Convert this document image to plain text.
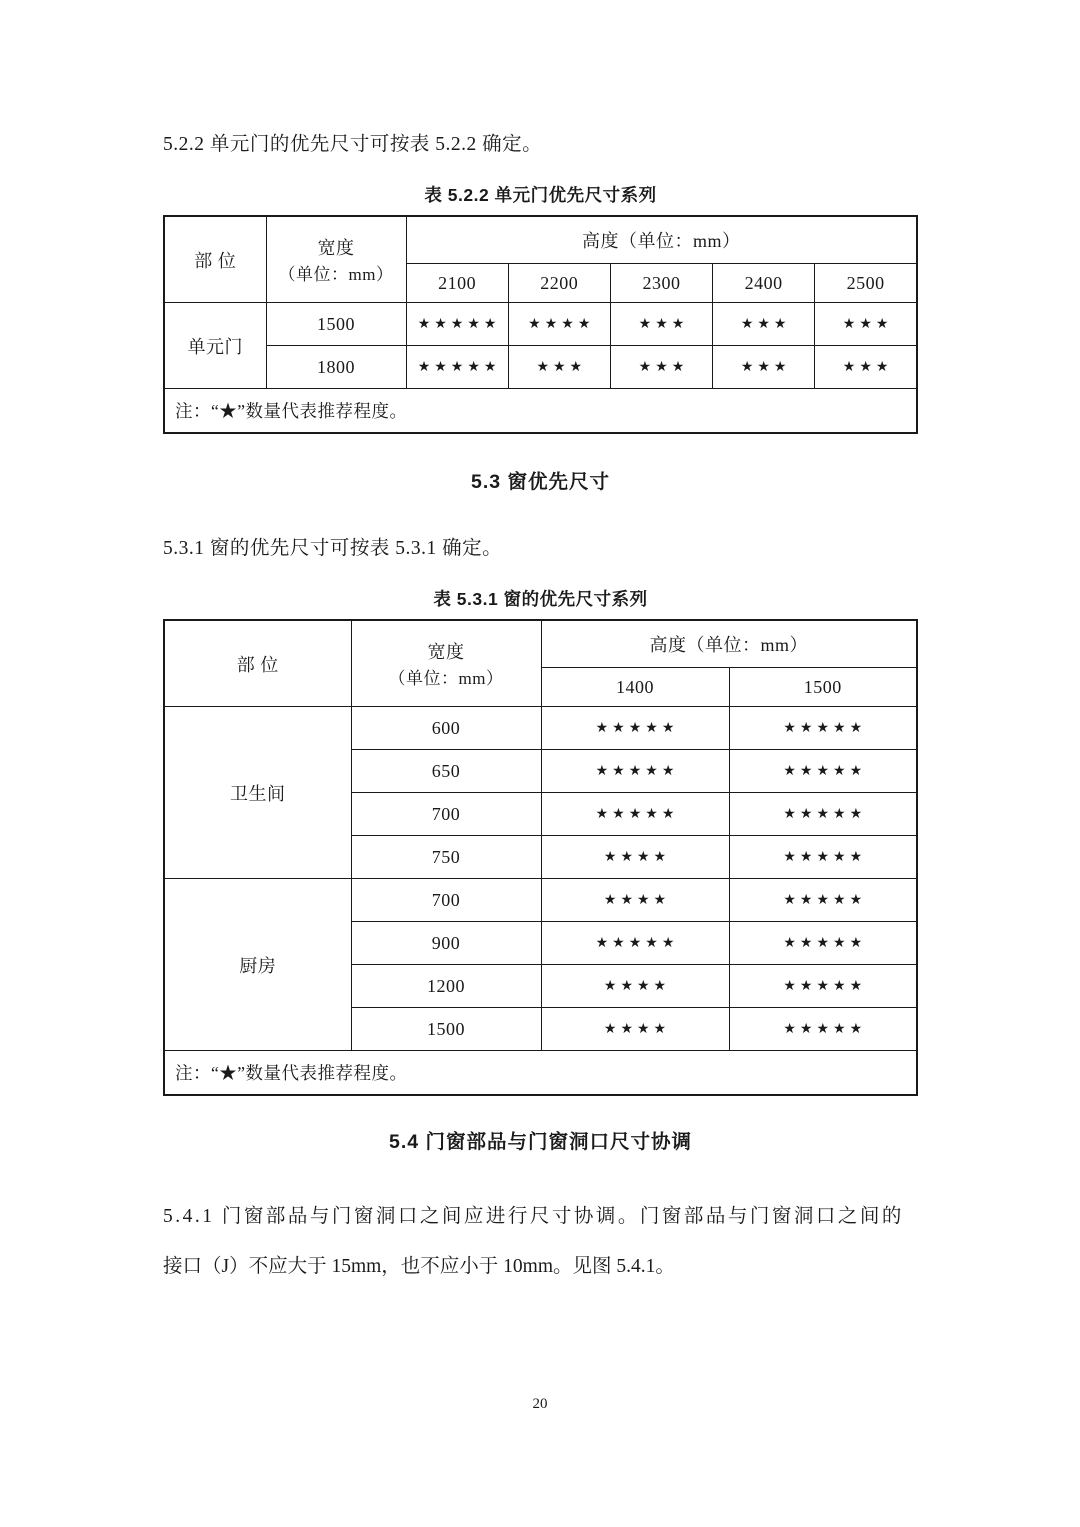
5.2.2 单元门的优先尺寸可按表 5.2.2 确定。
表 5.2.2 单元门优先尺寸系列
部 位	宽度
（单位：mm）	高度（单位：mm）				
		2100	2200	2300	2400	2500
单元门	1500	★★★★★	★★★★	★★★	★★★	★★★
	1800	★★★★★	★★★	★★★	★★★	★★★
注：“★”数量代表推荐程度。						
5.3 窗优先尺寸
5.3.1 窗的优先尺寸可按表 5.3.1 确定。
表 5.3.1 窗的优先尺寸系列
部 位	宽度
（单位：mm）	高度（单位：mm）	
		1400	1500
卫生间	600	★★★★★	★★★★★
	650	★★★★★	★★★★★
	700	★★★★★	★★★★★
	750	★★★★	★★★★★
厨房	700	★★★★	★★★★★
	900	★★★★★	★★★★★
	1200	★★★★	★★★★★
	1500	★★★★	★★★★★
注：“★”数量代表推荐程度。			
5.4 门窗部品与门窗洞口尺寸协调
5.4.1 门窗部品与门窗洞口之间应进行尺寸协调。门窗部品与门窗洞口之间的
接口（J）不应大于 15mm，也不应小于 10mm。见图 5.4.1。
20
